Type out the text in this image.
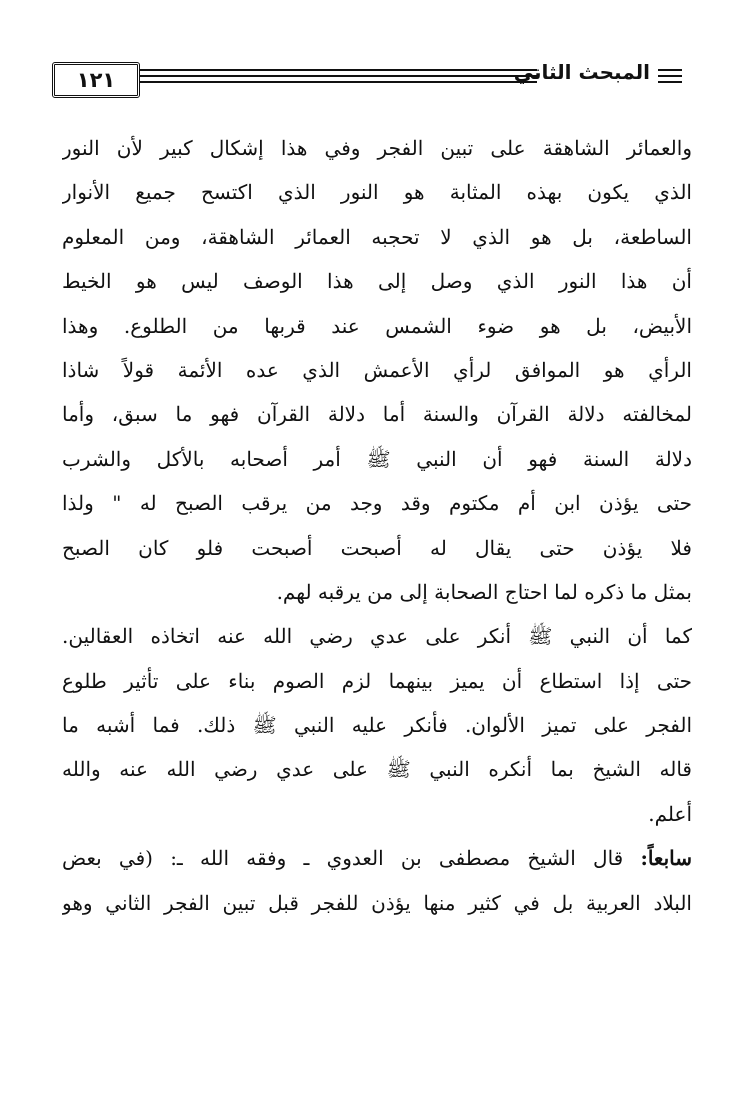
١٢١	المبحث الثاني
والعمائر الشاهقة على تبين الفجر وفي هذا إشكال كبير لأن النور
الذي يكون بهذه المثابة هو النور الذي اكتسح جميع الأنوار
الساطعة، بل هو الذي لا تحجبه العمائر الشاهقة، ومن المعلوم
أن هذا النور الذي وصل إلى هذا الوصف ليس هو الخيط
الأبيض، بل هو ضوء الشمس عند قربها من الطلوع. وهذا
الرأي هو الموافق لرأي الأعمش الذي عده الأئمة قولاً شاذا
لمخالفته دلالة القرآن والسنة أما دلالة القرآن فهو ما سبق، وأما
دلالة السنة فهو أن النبي ﷺ أمر أصحابه بالأكل والشرب
حتى يؤذن ابن أم مكتوم وقد وجد من يرقب الصبح له " ولذا
فلا يؤذن حتى يقال له أصبحت أصبحت فلو كان الصبح
بمثل ما ذكره لما احتاج الصحابة إلى من يرقبه لهم.
كما أن النبي ﷺ أنكر على عدي رضي الله عنه اتخاذه العقالين.
حتى إذا استطاع أن يميز بينهما لزم الصوم بناء على تأثير طلوع
الفجر على تميز الألوان. فأنكر عليه النبي ﷺ ذلك. فما أشبه ما
قاله الشيخ بما أنكره النبي ﷺ على عدي رضي الله عنه والله
أعلم.
سابعاً: قال الشيخ مصطفى بن العدوي ـ وفقه الله ـ: (في بعض
البلاد العربية بل في كثير منها يؤذن للفجر قبل تبين الفجر الثاني وهو
